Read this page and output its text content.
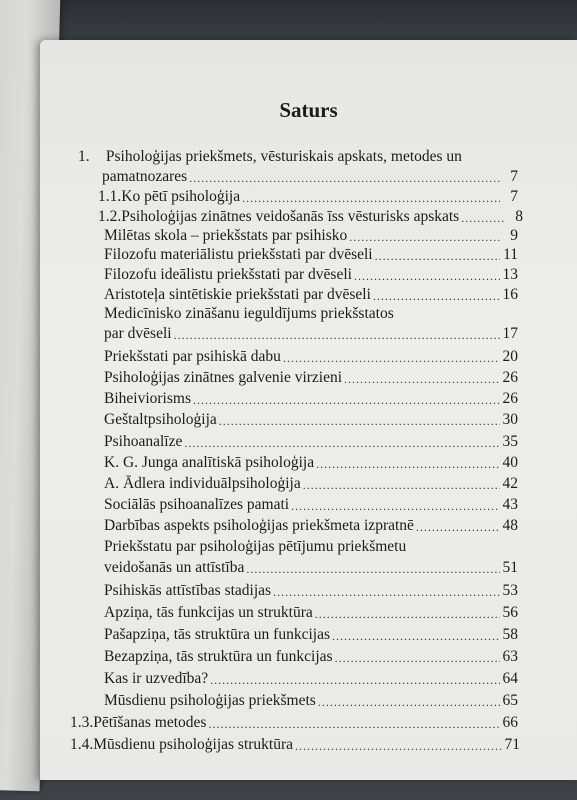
Saturs
1. Psiholoģijas priekšmets, vēsturiskais apskats, metodes un
pamatnozares .....	7
1.1. Ko pētī psiholoģija .....	7
1.2. Psiholoģijas zinātnes veidošanās īss vēsturisks apskats .....	8
Milētas skola – priekšstats par psihisko .....	9
Filozofu materiālistu priekšstati par dvēseli .....	11
Filozofu ideālistu priekšstati par dvēseli .....	13
Aristoteļa sintētiskie priekšstati par dvēseli .....	16
Medicīnisko zināšanu ieguldījums priekšstatos
par dvēseli .....	17
Priekšstati par psihiskā dabu .....	20
Psiholoģijas zinātnes galvenie virzieni .....	26
Biheiviorisms .....	26
Geštaltpsiholoģija .....	30
Psihoanalīze .....	35
K. G. Junga analītiskā psiholoģija .....	40
A. Ādlera individuālpsiholoģija .....	42
Sociālās psihoanalīzes pamati .....	43
Darbības aspekts psiholoģijas priekšmeta izpratnē .....	48
Priekšstatu par psiholoģijas pētījumu priekšmetu
veidošanās un attīstība .....	51
Psihiskās attīstības stadijas .....	53
Apziņa, tās funkcijas un struktūra .....	56
Pašapziņa, tās struktūra un funkcijas .....	58
Bezapziņa, tās struktūra un funkcijas .....	63
Kas ir uzvedība? .....	64
Mūsdienu psiholoģijas priekšmets .....	65
1.3. Pētīšanas metodes .....	66
1.4. Mūsdienu psiholoģijas struktūra .....	71
